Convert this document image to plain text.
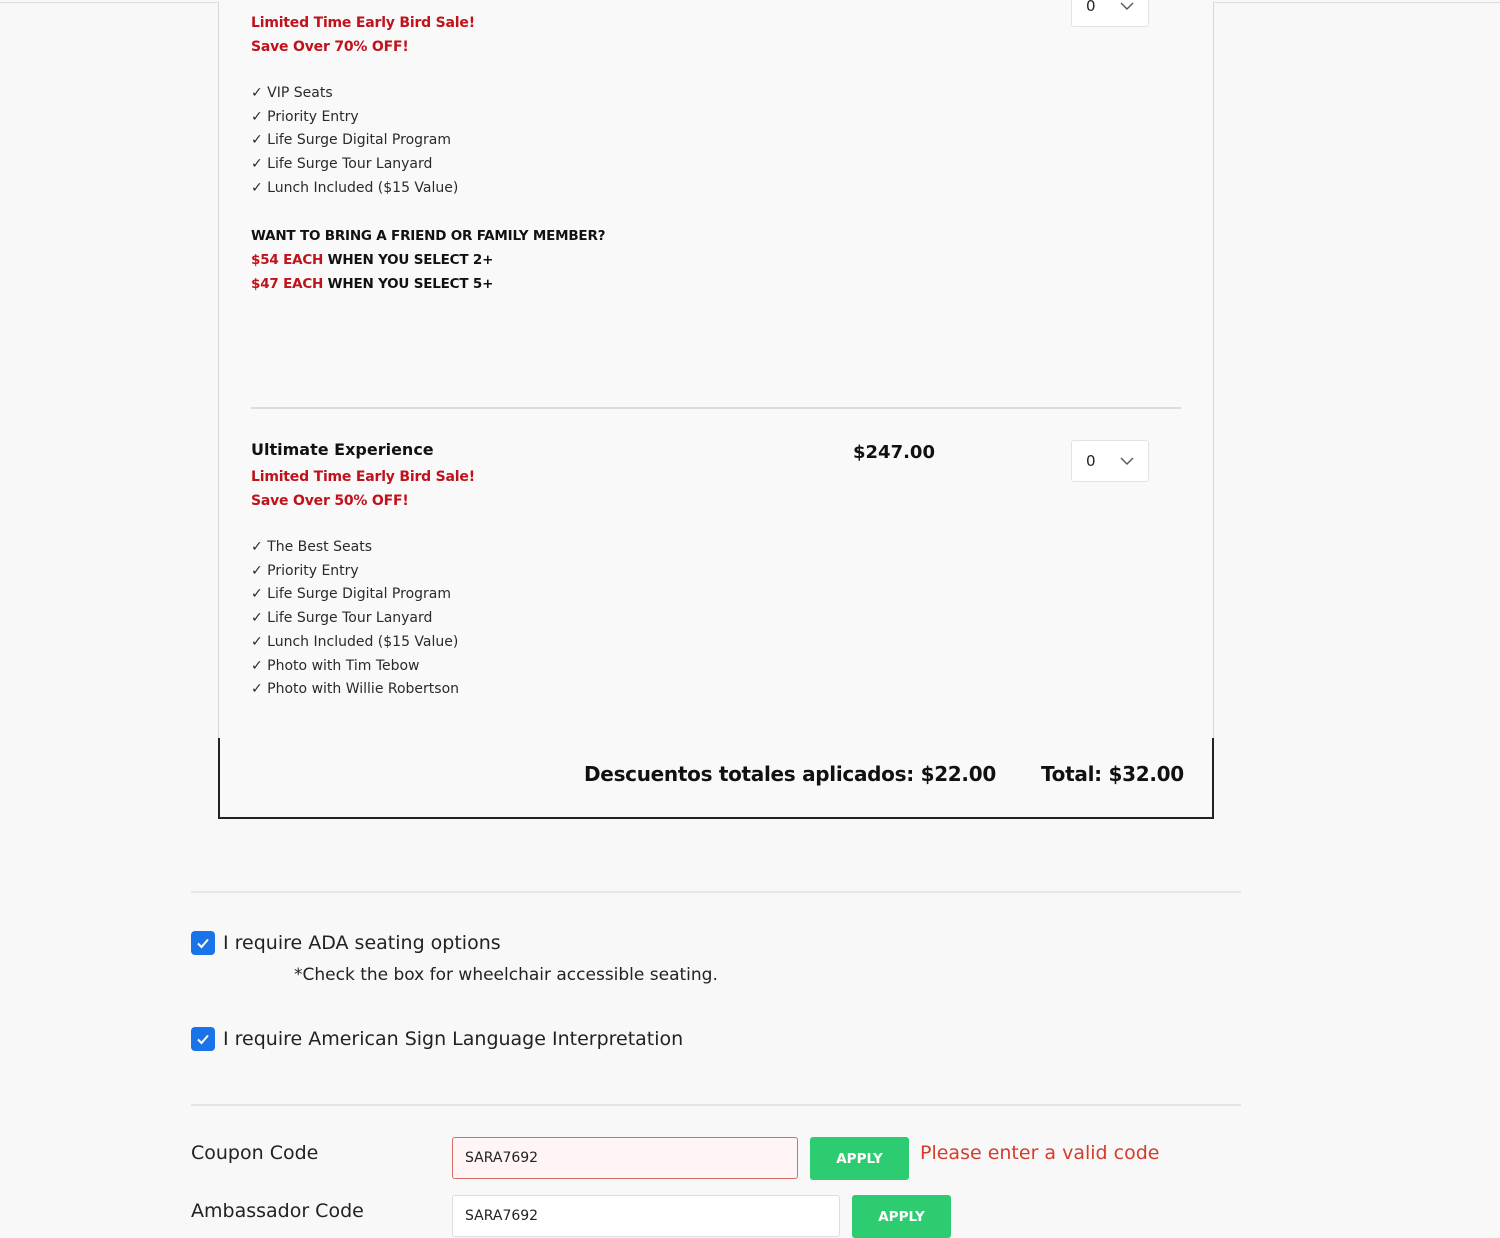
Limited Time Early Bird Sale!
Save Over 70% OFF!
✓ VIP Seats
✓ Priority Entry
✓ Life Surge Digital Program
✓ Life Surge Tour Lanyard
✓ Lunch Included ($15 Value)
WANT TO BRING A FRIEND OR FAMILY MEMBER?
$54 EACH WHEN YOU SELECT 2+
$47 EACH WHEN YOU SELECT 5+
0
Ultimate Experience	$247.00
Limited Time Early Bird Sale!
Save Over 50% OFF!
✓ The Best Seats
✓ Priority Entry
✓ Life Surge Digital Program
✓ Life Surge Tour Lanyard
✓ Lunch Included ($15 Value)
✓ Photo with Tim Tebow
✓ Photo with Willie Robertson
0
Descuentos totales aplicados: $22.00 Total: $32.00
I require ADA seating options
*Check the box for wheelchair accessible seating.
I require American Sign Language Interpretation
Coupon Code
SARA7692	APPLY	Please enter a valid code
Ambassador Code
SARA7692	APPLY
